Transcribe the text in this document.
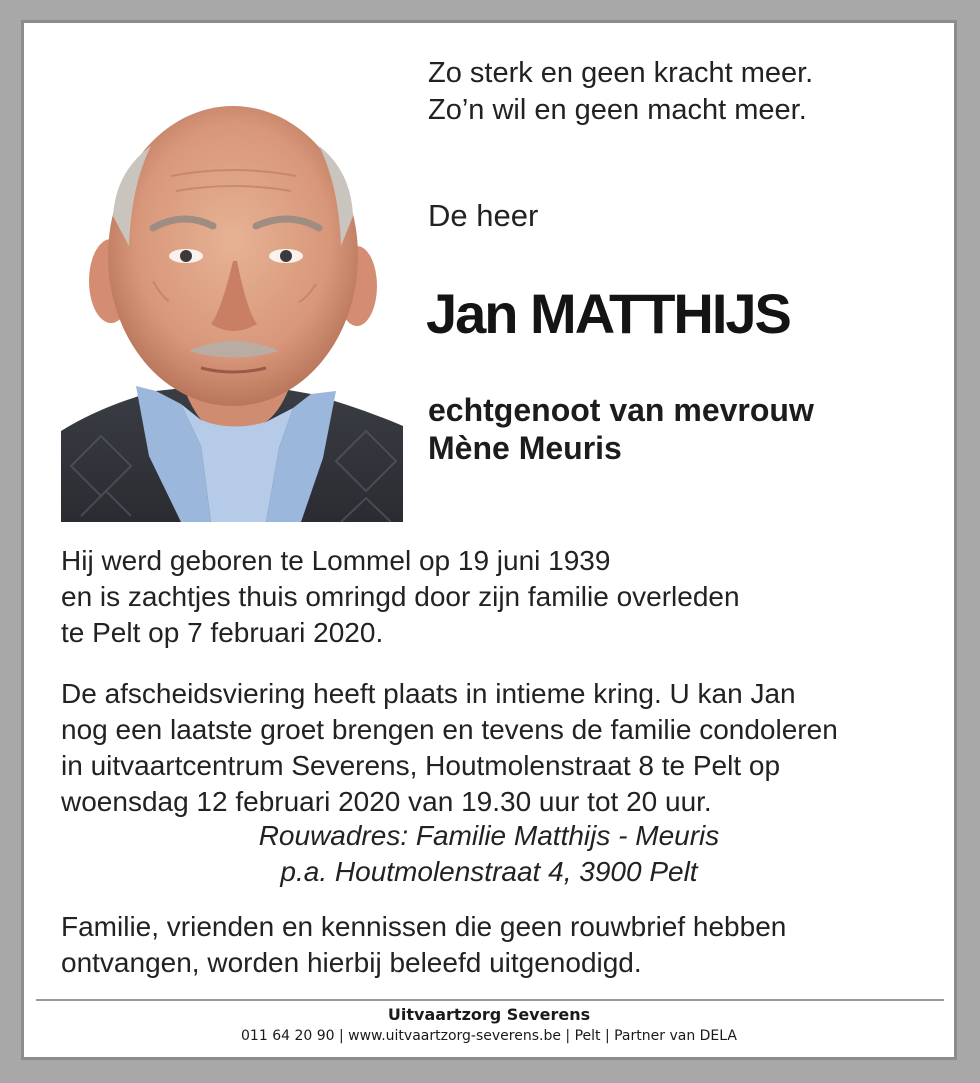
Zo sterk en geen kracht meer.
Zo’n wil en geen macht meer.
De heer
Jan MATTHIJS
echtgenoot van mevrouw
Mène Meuris
Hij werd geboren te Lommel op 19 juni 1939
en is zachtjes thuis omringd door zijn familie overleden
te Pelt op 7 februari 2020.
De afscheidsviering heeft plaats in intieme kring. U kan Jan
nog een laatste groet brengen en tevens de familie condoleren
in uitvaartcentrum Severens, Houtmolenstraat 8 te Pelt op
woensdag 12 februari 2020 van 19.30 uur tot 20 uur.
Rouwadres: Familie Matthijs - Meuris
p.a. Houtmolenstraat 4, 3900 Pelt
Familie, vrienden en kennissen die geen rouwbrief hebben
ontvangen, worden hierbij beleefd uitgenodigd.
Uitvaartzorg Severens
011 64 20 90 | www.uitvaartzorg-severens.be | Pelt | Partner van DELA
